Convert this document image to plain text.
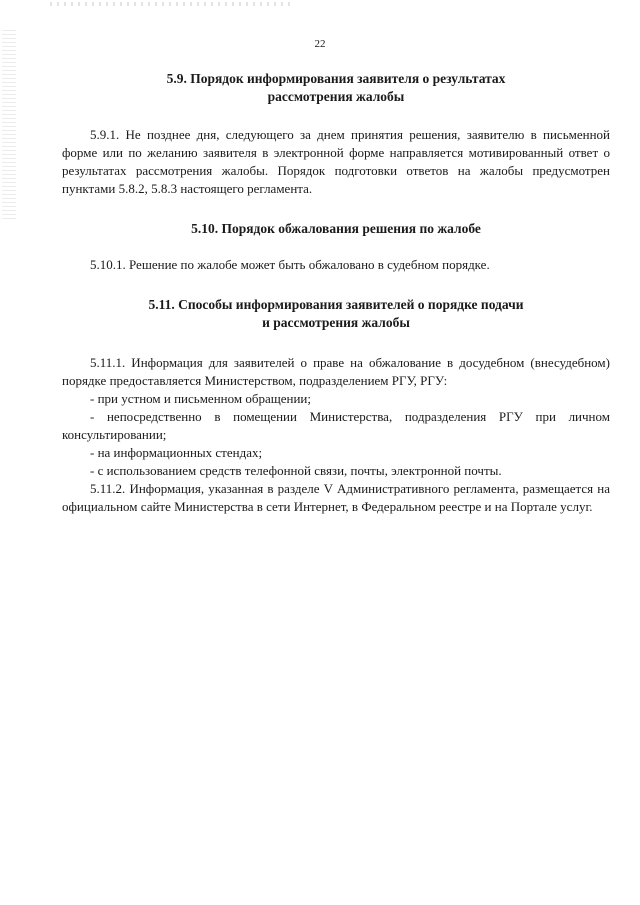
22

5.9. Порядок информирования заявителя о результатах

рассмотрения жалобы

5.9.1. Не позднее дня, следующего за днем принятия решения, заявителю в письменной форме или по желанию заявителя в электронной форме направляется мотивированный ответ о результатах рассмотрения жалобы. Порядок подготовки ответов на жалобы предусмотрен пунктами 5.8.2, 5.8.3 настоящего регламента.

5.10. Порядок обжалования решения по жалобе

5.10.1. Решение по жалобе может быть обжаловано в судебном порядке.

5.11. Способы информирования заявителей о порядке подачи

и рассмотрения жалобы

5.11.1. Информация для заявителей о праве на обжалование в досудебном (внесудебном) порядке предоставляется Министерством, подразделением РГУ, РГУ:

- при устном и письменном обращении;

- непосредственно в помещении Министерства, подразделения РГУ при личном консультировании;

- на информационных стендах;

- с использованием средств телефонной связи, почты, электронной почты.

5.11.2. Информация, указанная в разделе V Административного регламента, размещается на официальном сайте Министерства в сети Интернет, в Федеральном реестре и на Портале услуг.
